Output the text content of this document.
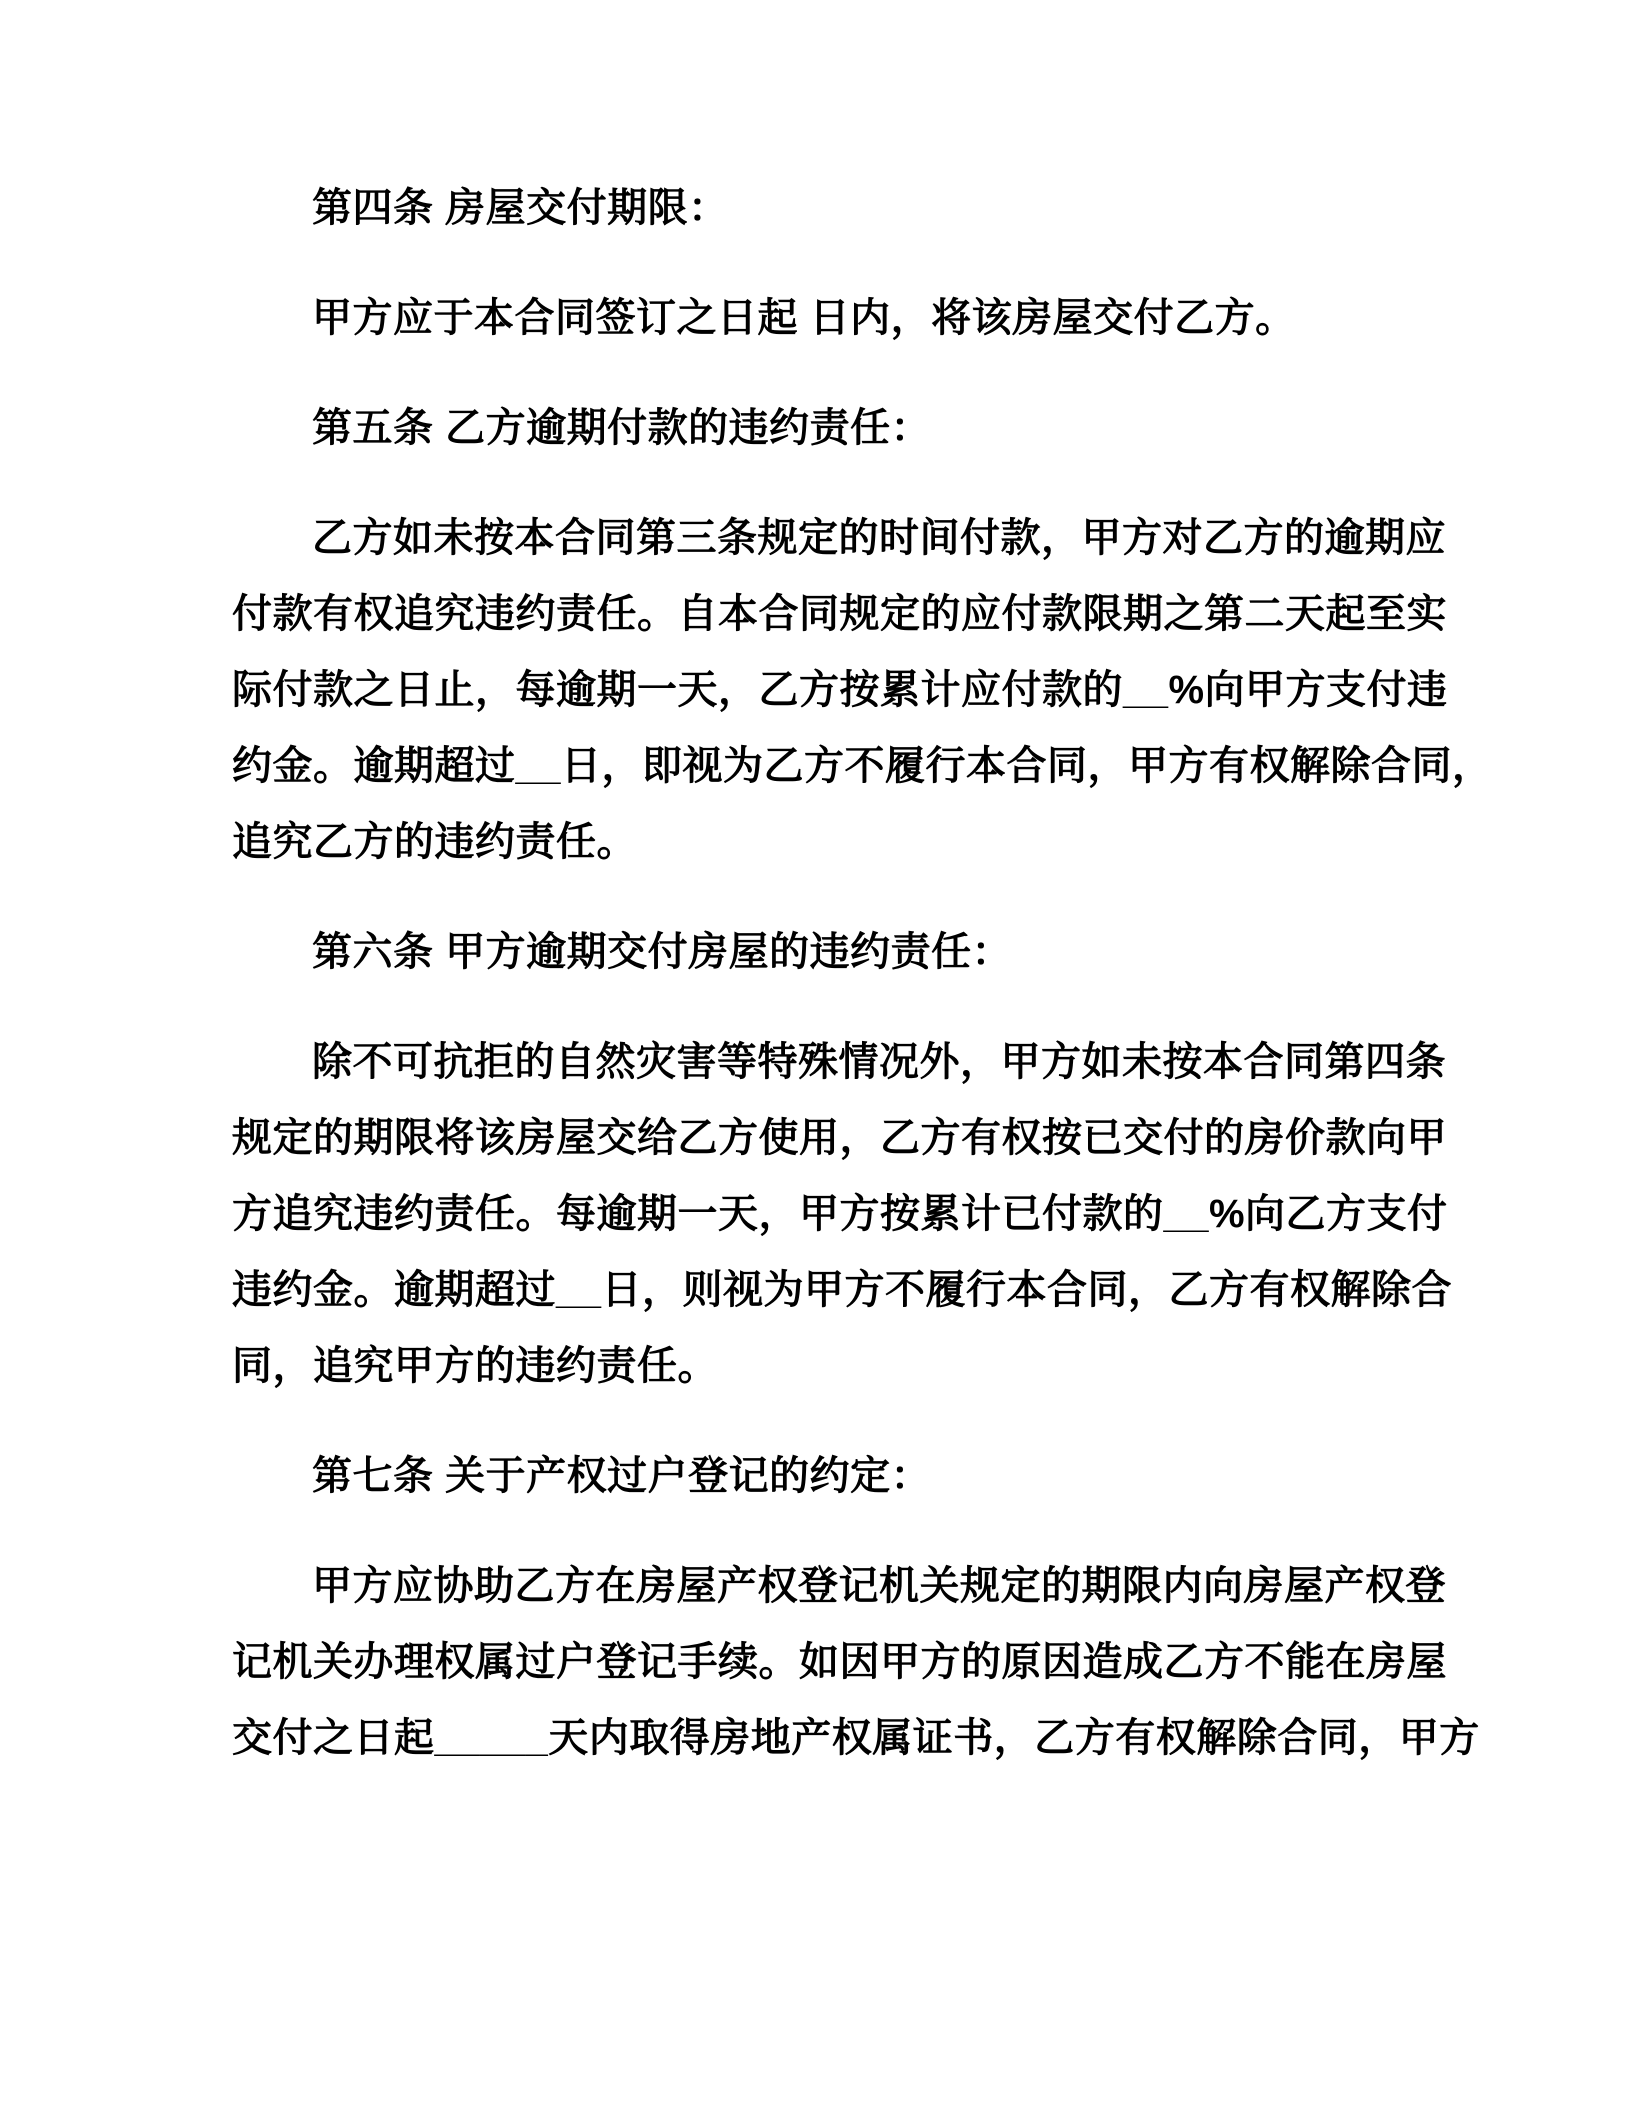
第四条 房屋交付期限：
甲方应于本合同签订之日起 日内，将该房屋交付乙方。
第五条 乙方逾期付款的违约责任：
乙方如未按本合同第三条规定的时间付款，甲方对乙方的逾期应
付款有权追究违约责任。自本合同规定的应付款限期之第二天起至实
际付款之日止，每逾期一天，乙方按累计应付款的__%向甲方支付违
约金。逾期超过__日，即视为乙方不履行本合同，甲方有权解除合同，
追究乙方的违约责任。
第六条 甲方逾期交付房屋的违约责任：
除不可抗拒的自然灾害等特殊情况外，甲方如未按本合同第四条
规定的期限将该房屋交给乙方使用，乙方有权按已交付的房价款向甲
方追究违约责任。每逾期一天，甲方按累计已付款的__%向乙方支付
违约金。逾期超过__日，则视为甲方不履行本合同，乙方有权解除合
同，追究甲方的违约责任。
第七条 关于产权过户登记的约定：
甲方应协助乙方在房屋产权登记机关规定的期限内向房屋产权登
记机关办理权属过户登记手续。如因甲方的原因造成乙方不能在房屋
交付之日起_____天内取得房地产权属证书，乙方有权解除合同，甲方
